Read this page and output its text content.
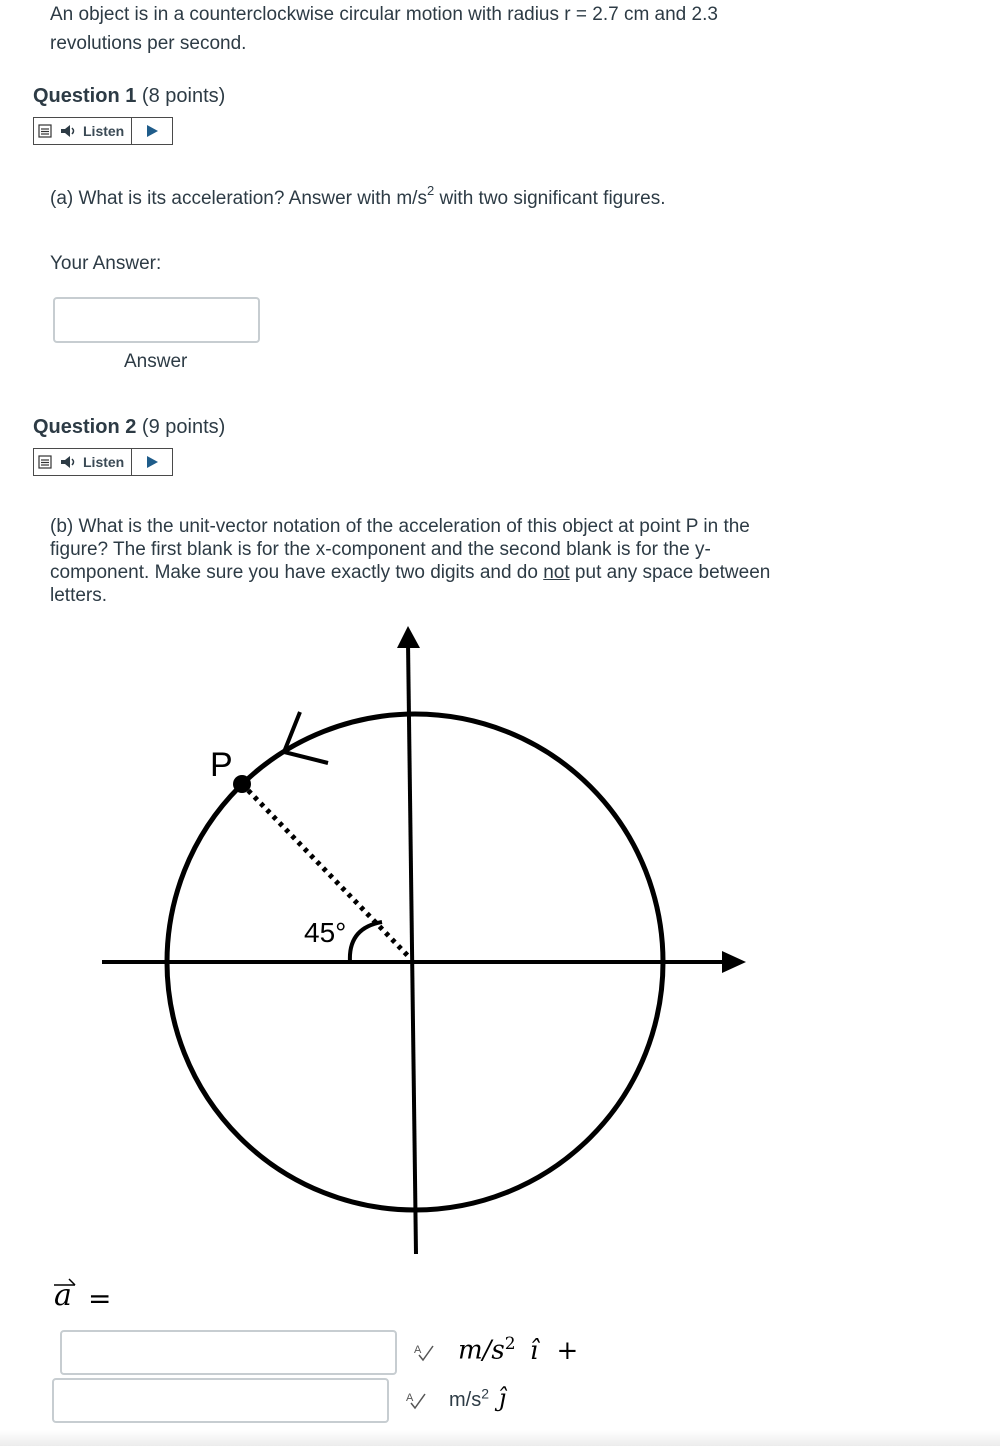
An object is in a counterclockwise circular motion with radius r = 2.7 cm and 2.3 revolutions per second.
Question 1 (8 points)
Listen
(a) What is its acceleration? Answer with $m/s^2$ with two significant figures.
Your Answer:
Answer
Question 2 (9 points)
Listen
(b) What is the unit-vector notation of the acceleration of this object at point P in the figure? The first blank is for the x-component and the second blank is for the y-component. Make sure you have exactly two digits and do not put any space between letters.
P
45°
a =
A $m/s^2$ î +
A $m/s^2$ ĵ
